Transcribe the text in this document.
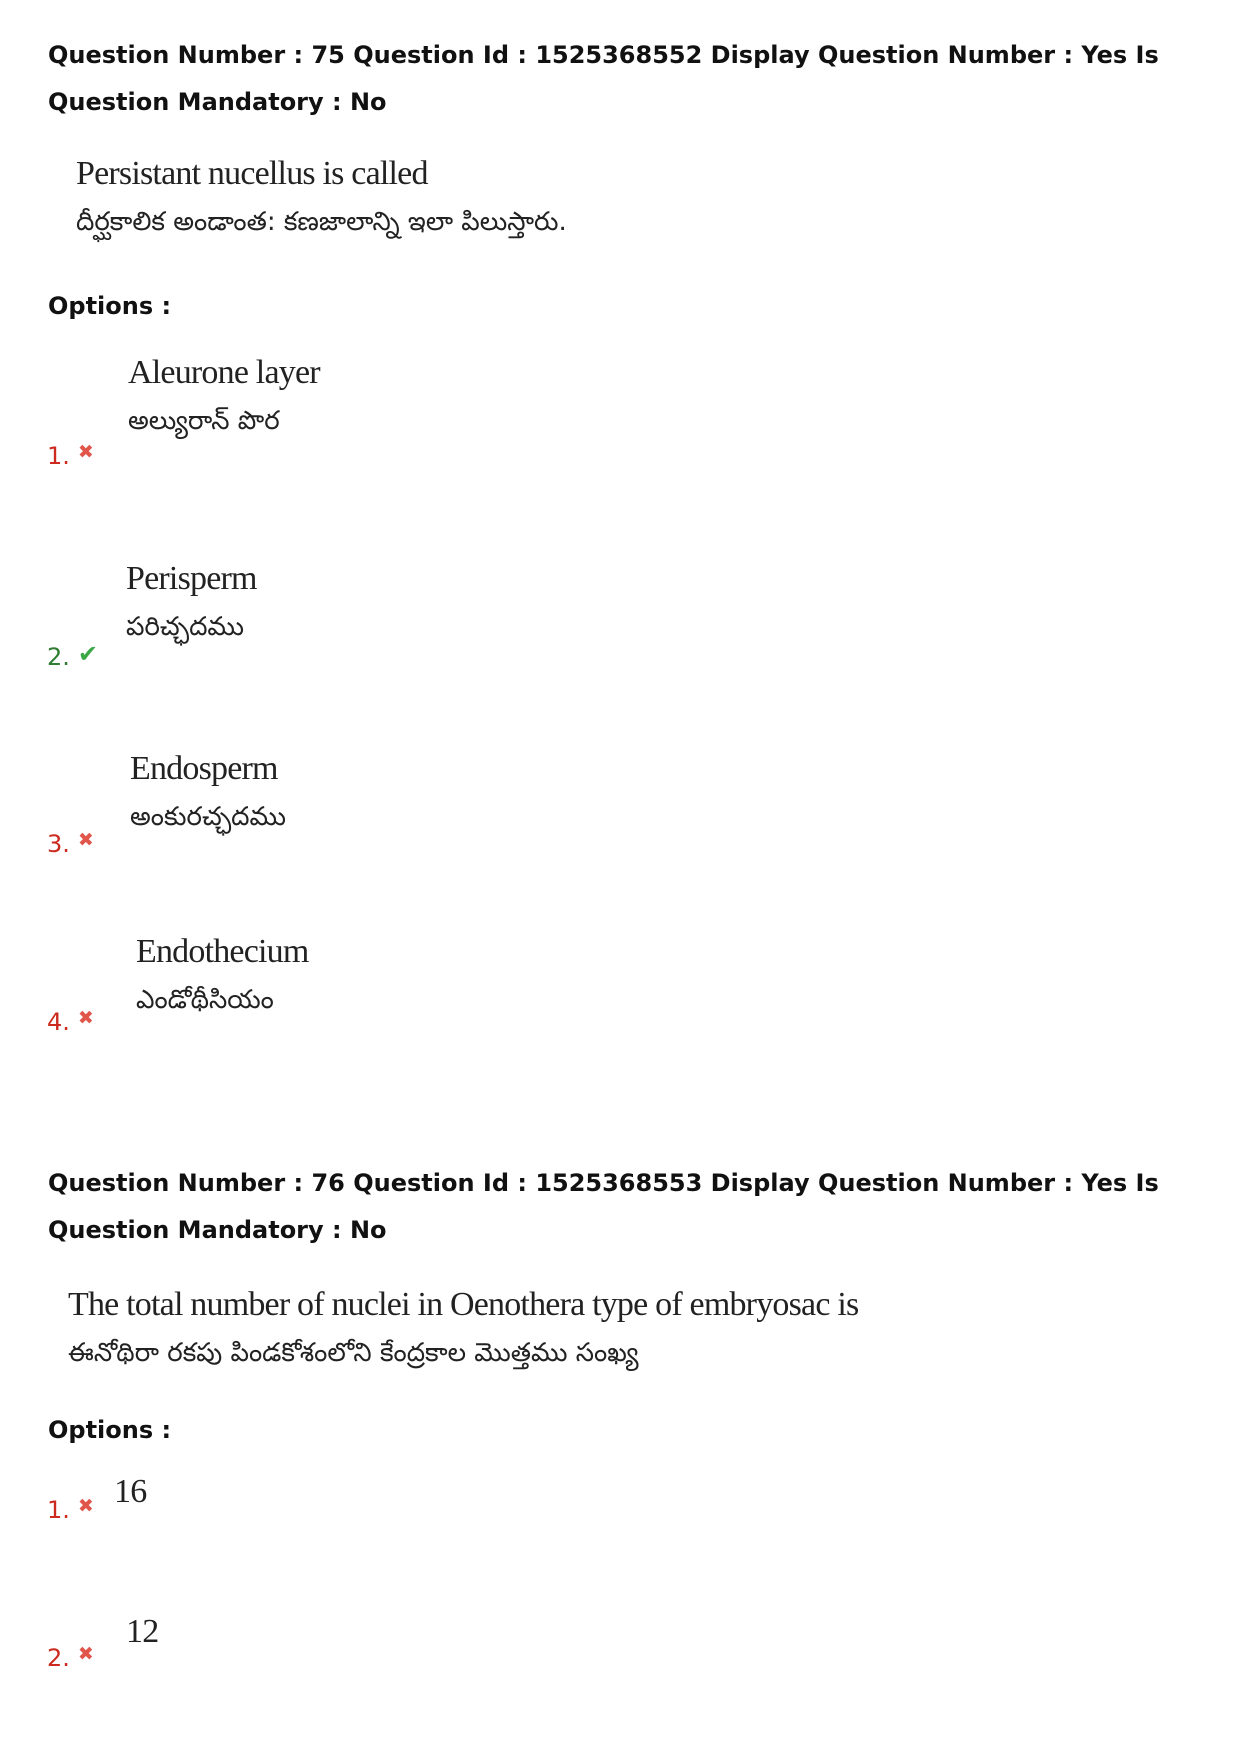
Question Number : 75 Question Id : 1525368552 Display Question Number : Yes Is Question Mandatory : No
Persistant nucellus is called
దీర్ఘకాలిక అండాంత: కణజాలాన్ని ఇలా పిలుస్తారు.
Options :
Aleurone layer
అల్యురాన్ పొర
1. ✖
Perisperm
పరిచ్ఛదము
2. ✔
Endosperm
అంకురచ్ఛదము
3. ✖
Endothecium
ఎండోథీసియం
4. ✖
Question Number : 76 Question Id : 1525368553 Display Question Number : Yes Is Question Mandatory : No
The total number of nuclei in Oenothera type of embryosac is
ఈనోథిరా రకపు పిండకోశంలోని కేంద్రకాల మొత్తము సంఖ్య
Options :
16
1. ✖
12
2. ✖
